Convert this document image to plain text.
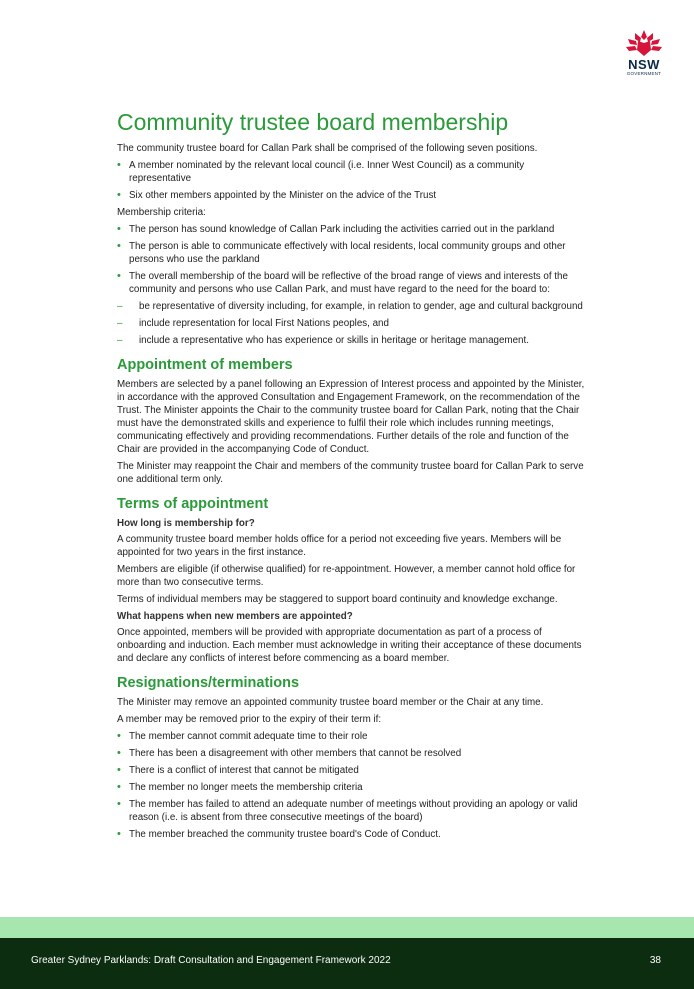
NSW
GOVERNMENT
Community trustee board membership

The community trustee board for Callan Park shall be comprised of the following seven positions.

• A member nominated by the relevant local council (i.e. Inner West Council) as a community representative
• Six other members appointed by the Minister on the advice of the Trust

Membership criteria:

• The person has sound knowledge of Callan Park including the activities carried out in the parkland
• The person is able to communicate effectively with local residents, local community groups and other persons who use the parkland
• The overall membership of the board will be reflective of the broad range of views and interests of the community and persons who use Callan Park, and must have regard to the need for the board to:
– be representative of diversity including, for example, in relation to gender, age and cultural background
– include representation for local First Nations peoples, and
– include a representative who has experience or skills in heritage or heritage management.
Appointment of members

Members are selected by a panel following an Expression of Interest process and appointed by the Minister, in accordance with the approved Consultation and Engagement Framework, on the recommendation of the Trust. The Minister appoints the Chair to the community trustee board for Callan Park, noting that the Chair must have the demonstrated skills and experience to fulfil their role which includes running meetings, communicating effectively and providing recommendations. Further details of the role and function of the Chair are provided in the accompanying Code of Conduct.

The Minister may reappoint the Chair and members of the community trustee board for Callan Park to serve one additional term only.

Terms of appointment
How long is membership for?

A community trustee board member holds office for a period not exceeding five years. Members will be appointed for two years in the first instance.

Members are eligible (if otherwise qualified) for re-appointment. However, a member cannot hold office for more than two consecutive terms.

Terms of individual members may be staggered to support board continuity and knowledge exchange.

What happens when new members are appointed?

Once appointed, members will be provided with appropriate documentation as part of a process of onboarding and induction. Each member must acknowledge in writing their acceptance of these documents and declare any conflicts of interest before commencing as a board member.

Resignations/terminations

The Minister may remove an appointed community trustee board member or the Chair at any time.

A member may be removed prior to the expiry of their term if:

• The member cannot commit adequate time to their role
• There has been a disagreement with other members that cannot be resolved
• There is a conflict of interest that cannot be mitigated
• The member no longer meets the membership criteria
• The member has failed to attend an adequate number of meetings without providing an apology or valid reason (i.e. is absent from three consecutive meetings of the board)
• The member breached the community trustee board's Code of Conduct.
Greater Sydney Parklands: Draft Consultation and Engagement Framework 2022	38
